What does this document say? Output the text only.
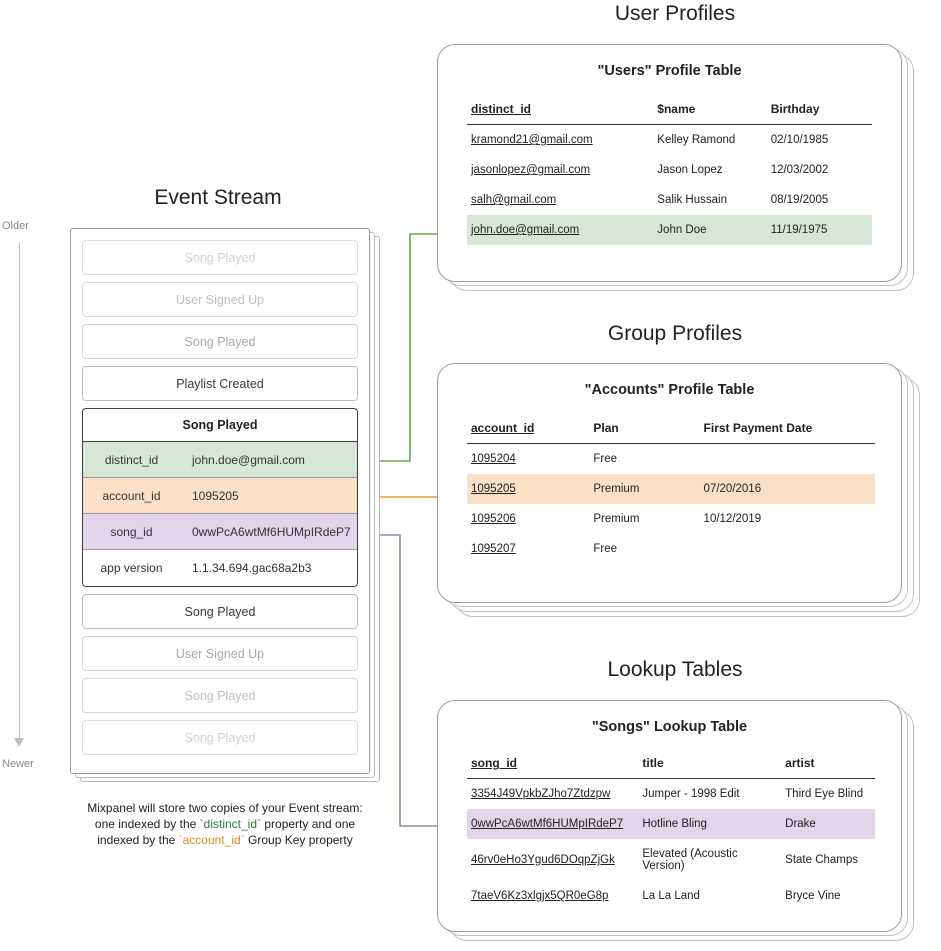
User Profiles
Group Profiles
Lookup Tables
Event Stream
Older
Newer
Song Played
User Signed Up
Song Played
Playlist Created
Song Played
distinct_id	john.doe@gmail.com
account_id	1095205
song_id	0wwPcA6wtMf6HUMpIRdeP7
app version	1.1.34.694.gac68a2b3
Song Played
User Signed Up
Song Played
Song Played
Mixpanel will store two copies of your Event stream:
one indexed by the `distinct_id` property and one
indexed by the `account_id` Group Key property
"Users" Profile Table
distinct_id	$name	Birthday
kramond21@gmail.com	Kelley Ramond	02/10/1985
jasonlopez@gmail.com	Jason Lopez	12/03/2002
salh@gmail.com	Salik Hussain	08/19/2005
john.doe@gmail.com	John Doe	11/19/1975
"Accounts" Profile Table
account_id	Plan	First Payment Date
1095204	Free	
1095205	Premium	07/20/2016
1095206	Premium	10/12/2019
1095207	Free	
"Songs" Lookup Table
song_id	title	artist
3354J49VpkbZJho7Ztdzpw	Jumper - 1998 Edit	Third Eye Blind
0wwPcA6wtMf6HUMpIRdeP7	Hotline Bling	Drake
46rv0eHo3Ygud6DOqpZjGk	Elevated (Acoustic Version)	State Champs
7taeV6Kz3xlgjx5QR0eG8p	La La Land	Bryce Vine
